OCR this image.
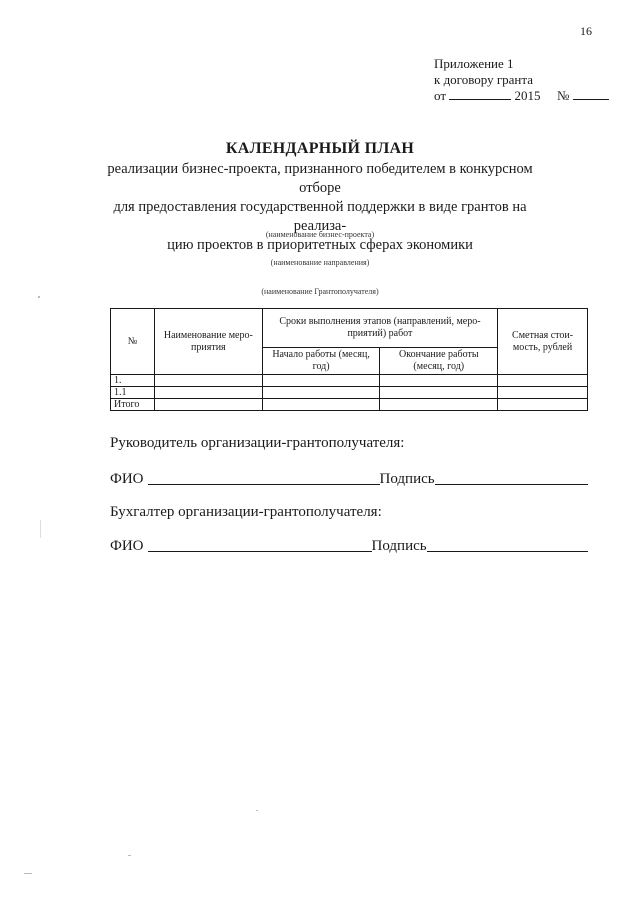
16
Приложение 1
к договору гранта
от	2015 №
КАЛЕНДАРНЫЙ ПЛАН
реализации бизнес-проекта, признанного победителем в конкурсном отборе
для предоставления государственной поддержки в виде грантов на реализа-
цию проектов в приоритетных сферах экономики
(наименование бизнес-проекта)
(наименование направления)
(наименование Грантополучателя)
№	Наименование меро-приятия	Сроки выполнения этапов (направлений, меро-приятий) работ		Сметная стои-мость, рублей
		Начало работы (месяц, год)	Окончание работы (месяц, год)	
1.				
1.1				
Итого				
Руководитель организации-грантополучателя:
ФИО	Подпись
Бухгалтер организации-грантополучателя:
ФИО	Подпись
